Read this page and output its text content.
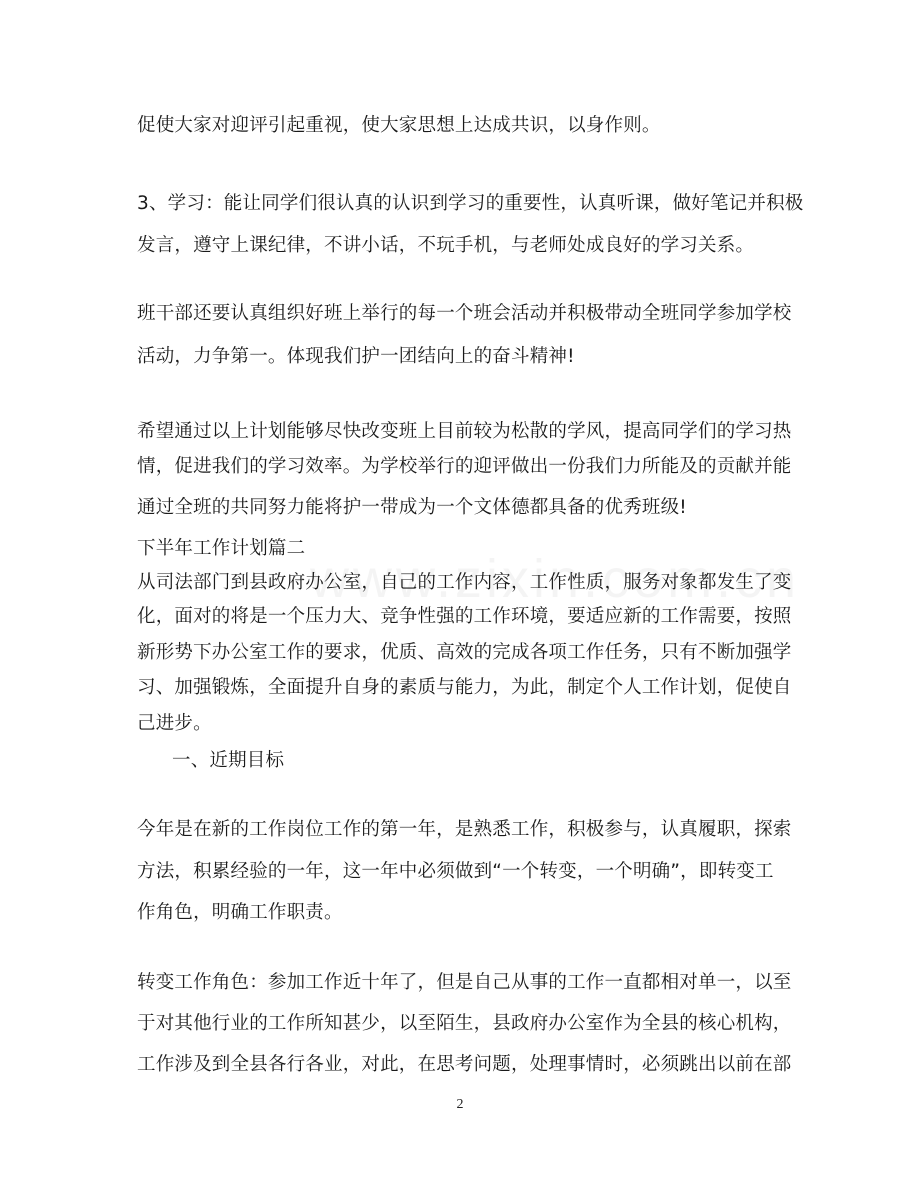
促使大家对迎评引起重视，使大家思想上达成共识，以身作则。
3、学习：能让同学们很认真的认识到学习的重要性，认真听课，做好笔记并积极
发言，遵守上课纪律，不讲小话，不玩手机，与老师处成良好的学习关系。
班干部还要认真组织好班上举行的每一个班会活动并积极带动全班同学参加学校
活动，力争第一。体现我们护一团结向上的奋斗精神!
希望通过以上计划能够尽快改变班上目前较为松散的学风，提高同学们的学习热
情，促进我们的学习效率。为学校举行的迎评做出一份我们力所能及的贡献并能
通过全班的共同努力能将护一带成为一个文体德都具备的优秀班级!
下半年工作计划篇二
从司法部门到县政府办公室，自己的工作内容，工作性质，服务对象都发生了变
化，面对的将是一个压力大、竞争性强的工作环境，要适应新的工作需要，按照
新形势下办公室工作的要求，优质、高效的完成各项工作任务，只有不断加强学
习、加强锻炼，全面提升自身的素质与能力，为此，制定个人工作计划，促使自
己进步。
一、近期目标
今年是在新的工作岗位工作的第一年，是熟悉工作，积极参与，认真履职，探索
方法，积累经验的一年，这一年中必须做到“一个转变，一个明确”，即转变工
作角色，明确工作职责。
转变工作角色：参加工作近十年了，但是自己从事的工作一直都相对单一，以至
于对其他行业的工作所知甚少，以至陌生，县政府办公室作为全县的核心机构，
工作涉及到全县各行各业，对此，在思考问题，处理事情时，必须跳出以前在部
2
